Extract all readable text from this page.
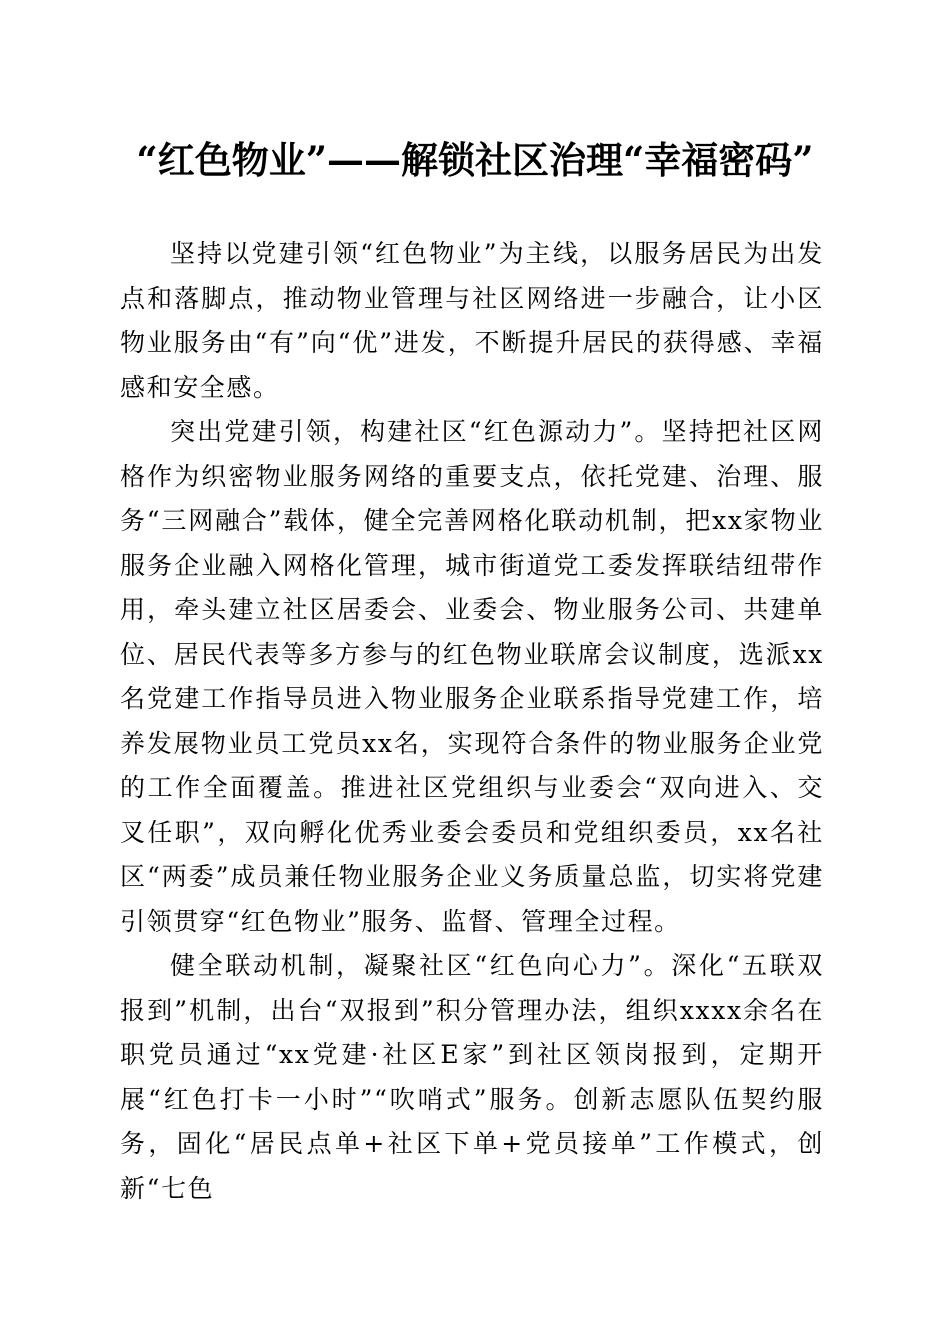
“红色物业”——解锁社区治理“幸福密码”

坚持以党建引领“红色物业”为主线，以服务居民为出发点和落脚点，推动物业管理与社区网络进一步融合，让小区物业服务由“有”向“优”进发，不断提升居民的获得感、幸福感和安全感。

突出党建引领，构建社区“红色源动力”。坚持把社区网格作为织密物业服务网络的重要支点，依托党建、治理、服务“三网融合”载体，健全完善网格化联动机制，把xx家物业服务企业融入网格化管理，城市街道党工委发挥联结纽带作用，牵头建立社区居委会、业委会、物业服务公司、共建单位、居民代表等多方参与的红色物业联席会议制度，选派xx名党建工作指导员进入物业服务企业联系指导党建工作，培养发展物业员工党员xx名，实现符合条件的物业服务企业党的工作全面覆盖。推进社区党组织与业委会“双向进入、交叉任职”，双向孵化优秀业委会委员和党组织委员，xx名社区“两委”成员兼任物业服务企业义务质量总监，切实将党建引领贯穿“红色物业”服务、监督、管理全过程。

健全联动机制，凝聚社区“红色向心力”。深化“五联双报到”机制，出台“双报到”积分管理办法，组织xxxx余名在职党员通过“xx党建·社区E家”到社区领岗报到，定期开展“红色打卡一小时”“吹哨式”服务。创新志愿队伍契约服务，固化“居民点单+社区下单+党员接单”工作模式，创新“七色
